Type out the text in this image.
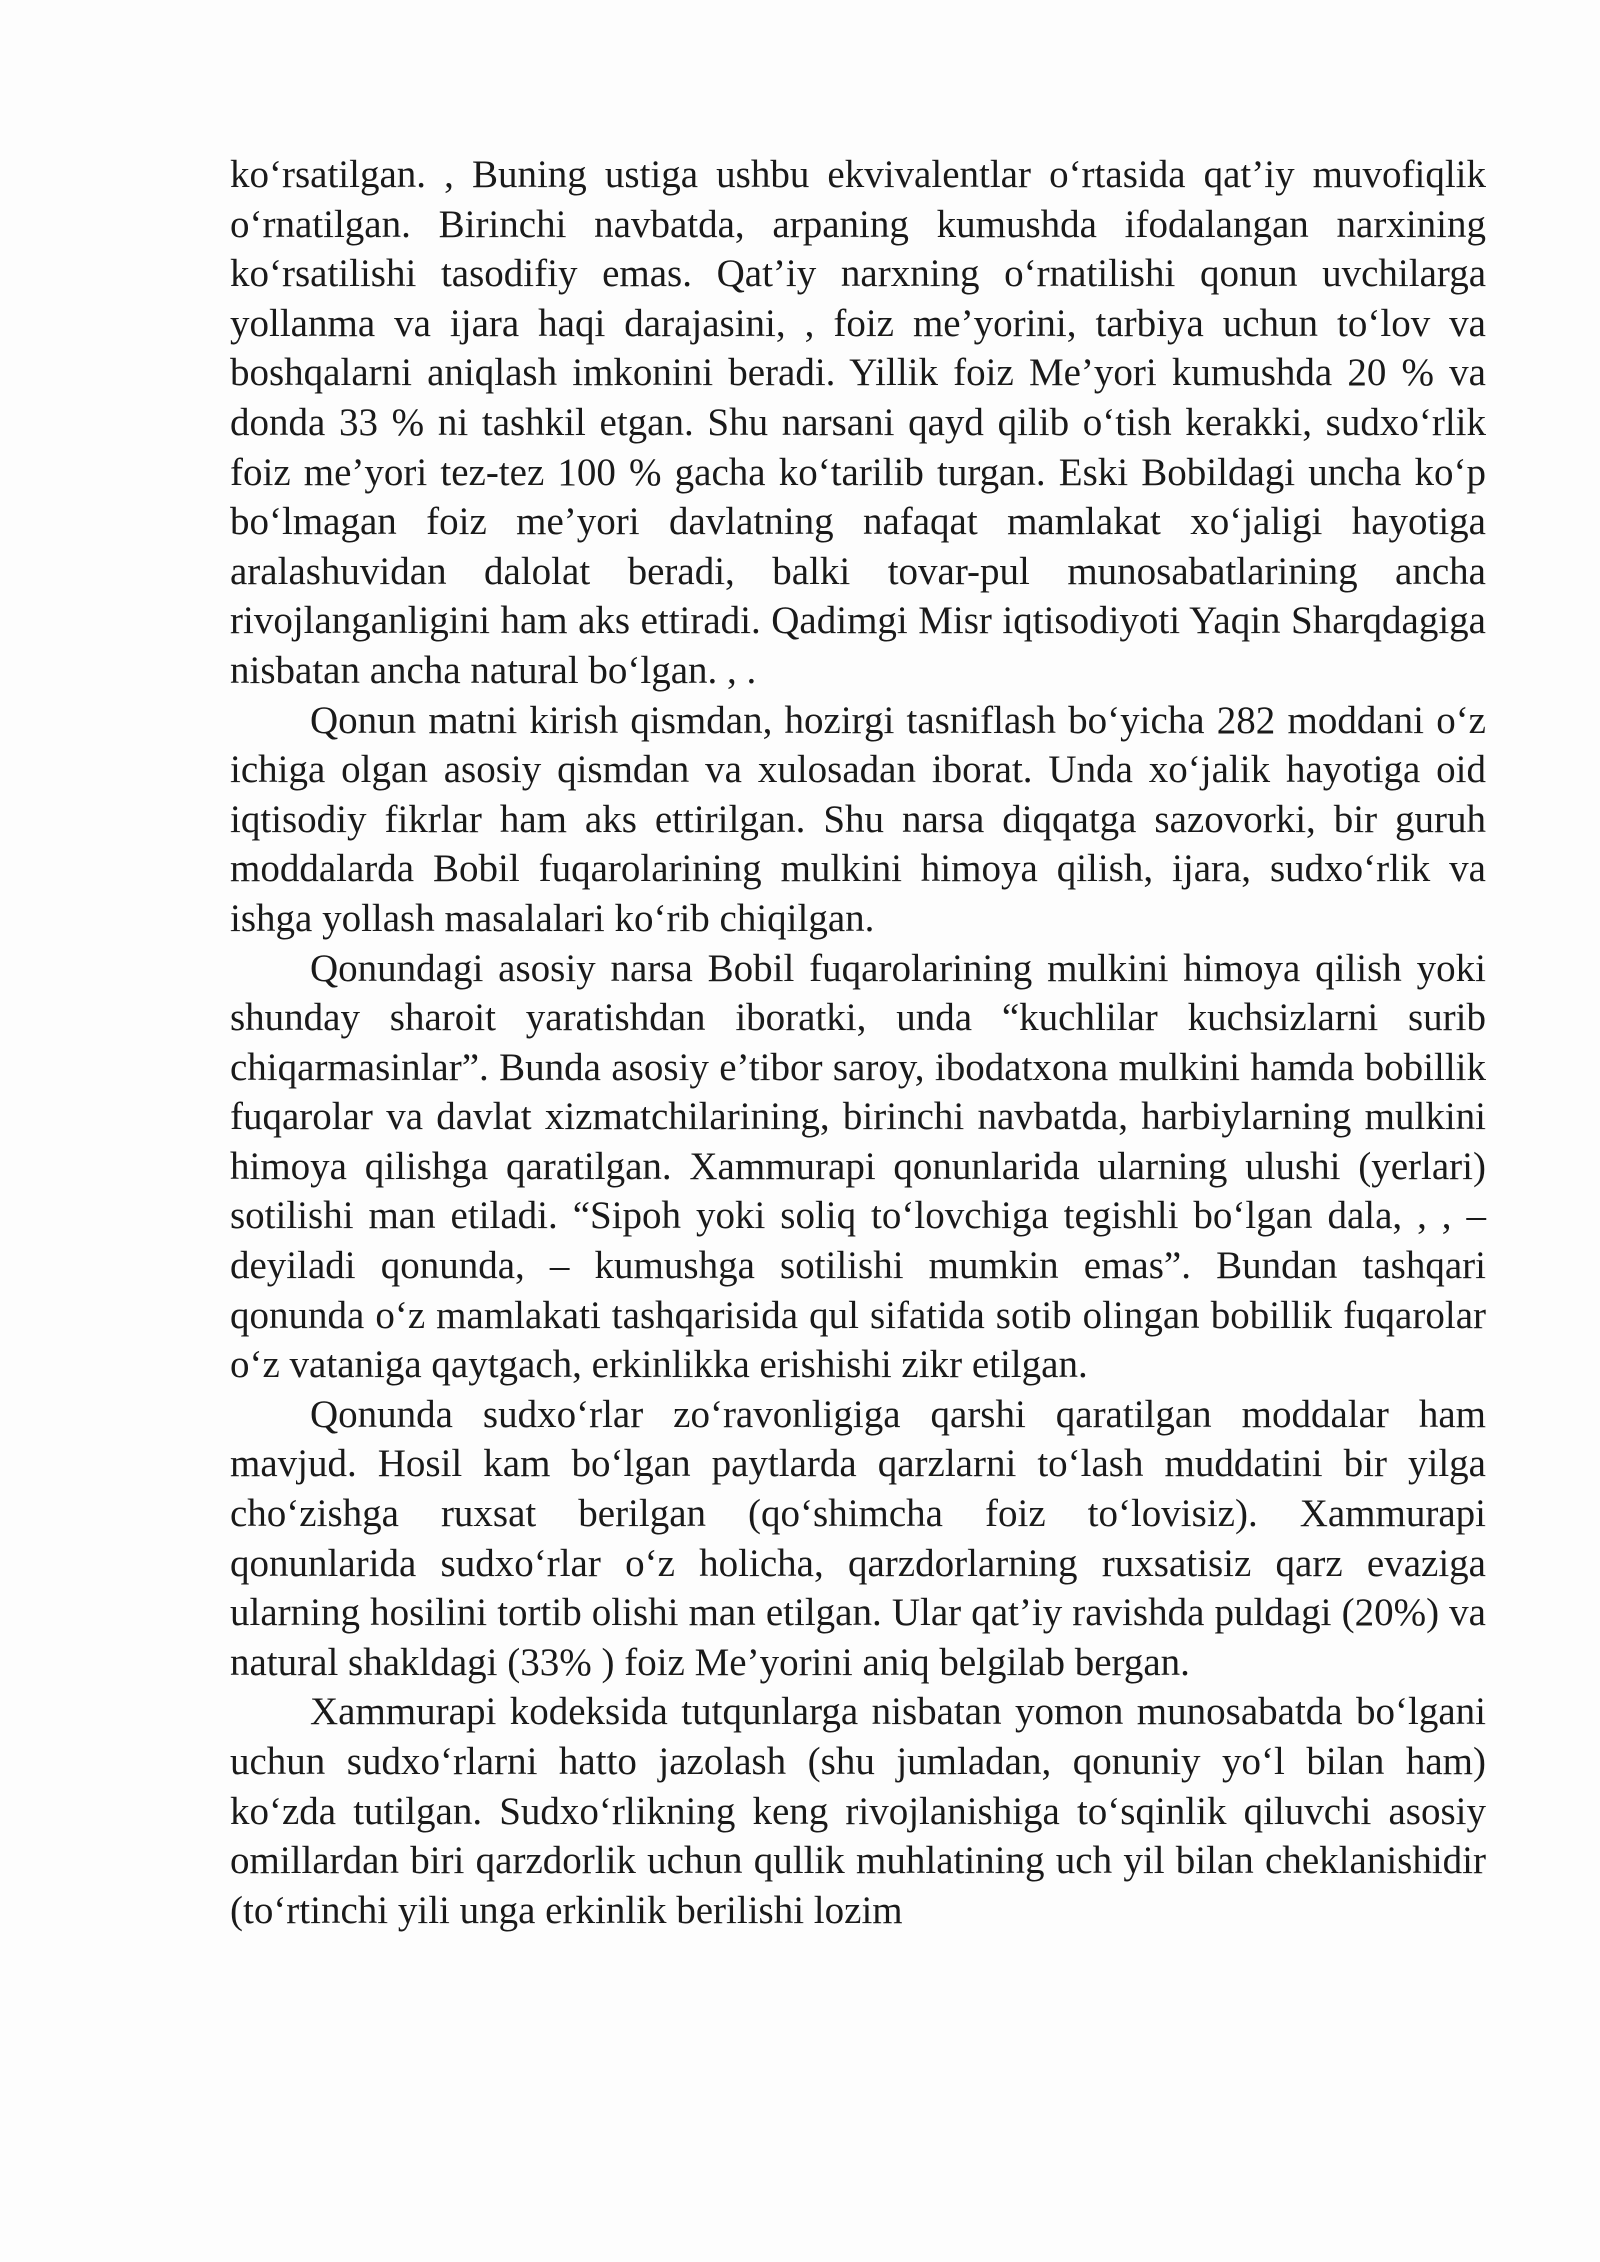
ko‘rsatilgan. , Buning ustiga ushbu ekvivalentlar o‘rtasida qat’iy muvofiqlik o‘rnatilgan. Birinchi navbatda, arpaning kumushda ifodalangan narxining ko‘rsatilishi tasodifiy emas. Qat’iy narxning o‘rnatilishi qonun uvchilarga yollanma va ijara haqi darajasini, , foiz me’yorini, tarbiya uchun to‘lov va boshqalarni aniqlash imkonini beradi. Yillik foiz Me’yori kumushda 20 % va donda 33 % ni tashkil etgan. Shu narsani qayd qilib o‘tish kerakki, sudxo‘rlik foiz me’yori tez-tez 100 % gacha ko‘tarilib turgan. Eski Bobildagi uncha ko‘p bo‘lmagan foiz me’yori davlatning nafaqat mamlakat xo‘jaligi hayotiga aralashuvidan dalolat beradi, balki tovar-pul munosabatlarining ancha rivojlanganligini ham aks ettiradi. Qadimgi Misr iqtisodiyoti Yaqin Sharqdagiga nisbatan ancha natural bo‘lgan. , .

Qonun matni kirish qismdan, hozirgi tasniflash bo‘yicha 282 moddani o‘z ichiga olgan asosiy qismdan va xulosadan iborat. Unda xo‘jalik hayotiga oid iqtisodiy fikrlar ham aks ettirilgan. Shu narsa diqqatga sazovorki, bir guruh moddalarda Bobil fuqarolarining mulkini himoya qilish, ijara, sudxo‘rlik va ishga yollash masalalari ko‘rib chiqilgan.

Qonundagi asosiy narsa Bobil fuqarolarining mulkini himoya qilish yoki shunday sharoit yaratishdan iboratki, unda “kuchlilar kuchsizlarni surib chiqarmasinlar”. Bunda asosiy e’tibor saroy, ibodatxona mulkini hamda bobillik fuqarolar va davlat xizmatchilarining, birinchi navbatda, harbiylarning mulkini himoya qilishga qaratilgan. Xammurapi qonunlarida ularning ulushi (yerlari) sotilishi man etiladi. “Sipoh yoki soliq to‘lovchiga tegishli bo‘lgan dala, , , – deyiladi qonunda, – kumushga sotilishi mumkin emas”. Bundan tashqari qonunda o‘z mamlakati tashqarisida qul sifatida sotib olingan bobillik fuqarolar o‘z vataniga qaytgach, erkinlikka erishishi zikr etilgan.

Qonunda sudxo‘rlar zo‘ravonligiga qarshi qaratilgan moddalar ham mavjud. Hosil kam bo‘lgan paytlarda qarzlarni to‘lash muddatini bir yilga cho‘zishga ruxsat berilgan (qo‘shimcha foiz to‘lovisiz). Xammurapi qonunlarida sudxo‘rlar o‘z holicha, qarzdorlarning ruxsatisiz qarz evaziga ularning hosilini tortib olishi man etilgan. Ular qat’iy ravishda puldagi (20%) va natural shakldagi (33% ) foiz Me’yorini aniq belgilab bergan.

Xammurapi kodeksida tutqunlarga nisbatan yomon munosabatda bo‘lgani uchun sudxo‘rlarni hatto jazolash (shu jumladan, qonuniy yo‘l bilan ham) ko‘zda tutilgan. Sudxo‘rlikning keng rivojlanishiga to‘sqinlik qiluvchi asosiy omillardan biri qarzdorlik uchun qullik muhlatining uch yil bilan cheklanishidir (to‘rtinchi yili unga erkinlik berilishi lozim
